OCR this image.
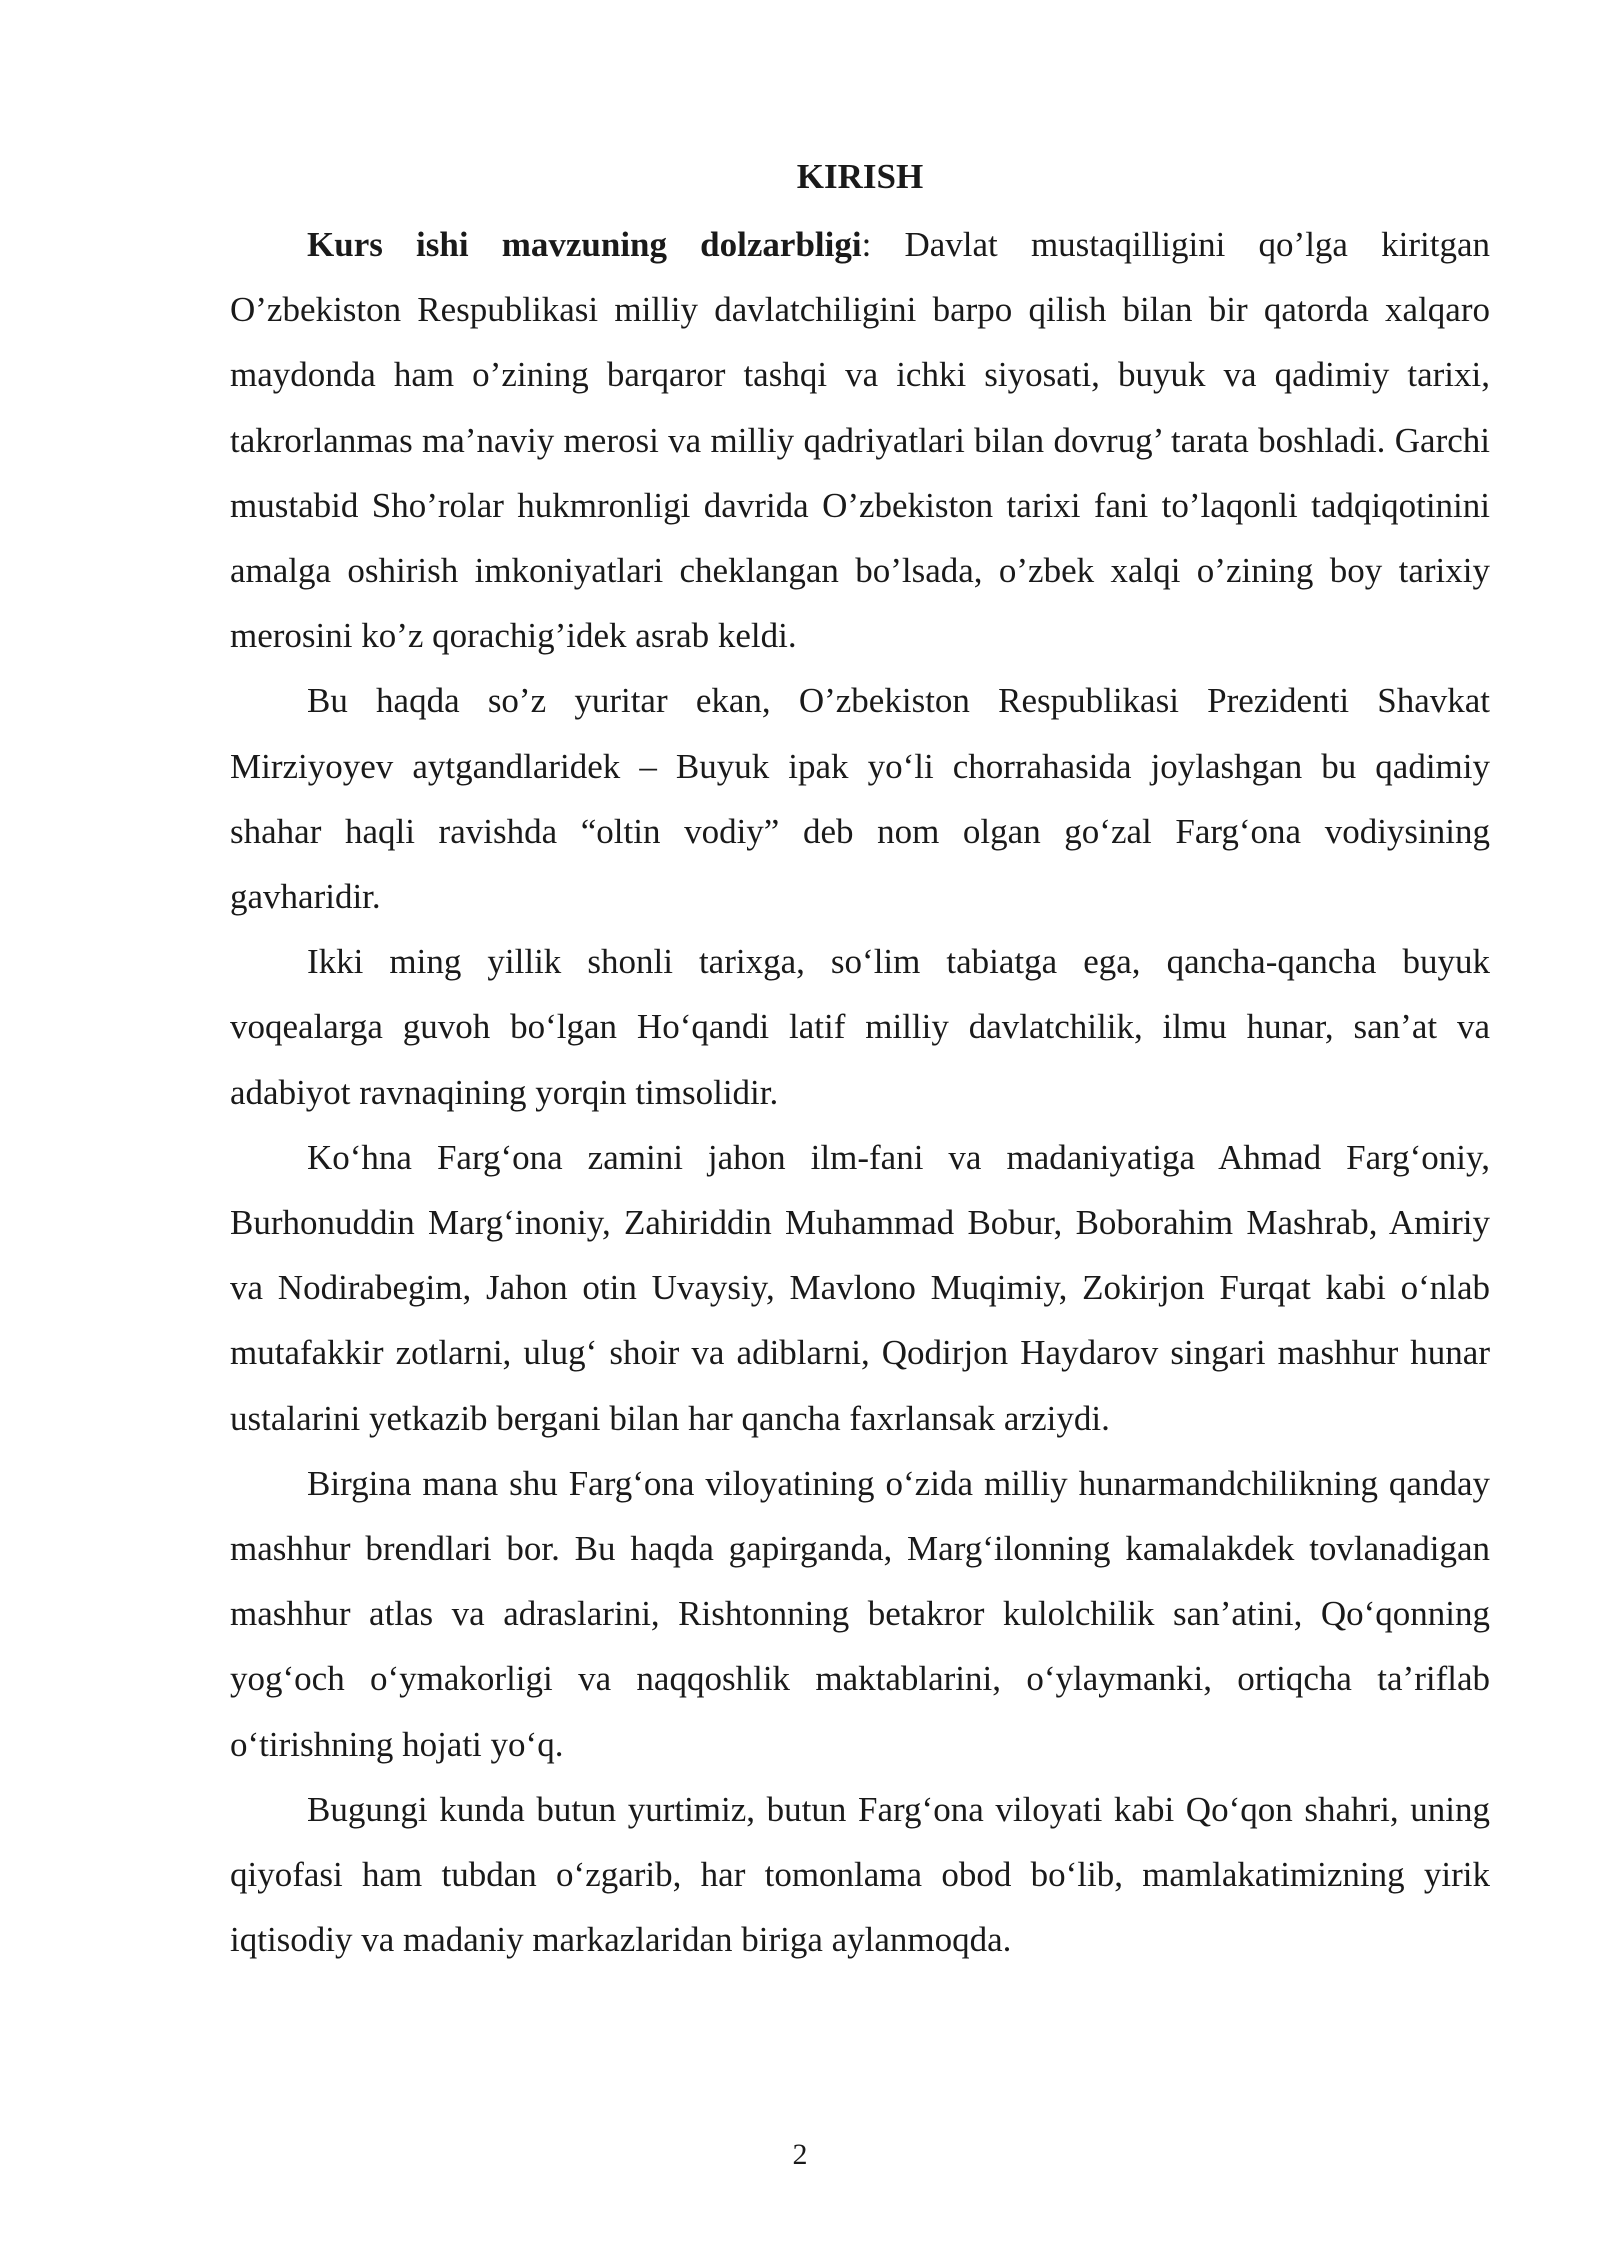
KIRISH

Kurs ishi mavzuning dolzarbligi: Davlat mustaqilligini qo’lga kiritgan O’zbekiston Respublikasi milliy davlatchiligini barpo qilish bilan bir qatorda xalqaro maydonda ham o’zining barqaror tashqi va ichki siyosati, buyuk va qadimiy tarixi, takrorlanmas ma’naviy merosi va milliy qadriyatlari bilan dovrug’ tarata boshladi. Garchi mustabid Sho’rolar hukmronligi davrida O’zbekiston tarixi fani to’laqonli tadqiqotinini amalga oshirish imkoniyatlari cheklangan bo’lsada, o’zbek xalqi o’zining boy tarixiy merosini ko’z qorachig’idek asrab keldi.

Bu haqda so’z yuritar ekan, O’zbekiston Respublikasi Prezidenti Shavkat Mirziyoyev aytgandlaridek – Buyuk ipak yo‘li chorrahasida joylashgan bu qadimiy shahar haqli ravishda “oltin vodiy” deb nom olgan go‘zal Farg‘ona vodiysining gavharidir.

Ikki ming yillik shonli tarixga, so‘lim tabiatga ega, qancha-qancha buyuk voqealarga guvoh bo‘lgan Ho‘qandi latif milliy davlatchilik, ilmu hunar, san’at va adabiyot ravnaqining yorqin timsolidir.

Ko‘hna Farg‘ona zamini jahon ilm-fani va madaniyatiga Ahmad Farg‘oniy, Burhonuddin Marg‘inoniy, Zahiriddin Muhammad Bobur, Boborahim Mashrab, Amiriy va Nodirabegim, Jahon otin Uvaysiy, Mavlono Muqimiy, Zokirjon Furqat kabi o‘nlab mutafakkir zotlarni, ulug‘ shoir va adiblarni, Qodirjon Haydarov singari mashhur hunar ustalarini yetkazib bergani bilan har qancha faxrlansak arziydi.

Birgina mana shu Farg‘ona viloyatining o‘zida milliy hunarmandchilikning qanday mashhur brendlari bor. Bu haqda gapirganda, Marg‘ilonning kamalakdek tovlanadigan mashhur atlas va adraslarini, Rishtonning betakror kulolchilik san’atini, Qo‘qonning yog‘och o‘ymakorligi va naqqoshlik maktablarini, o‘ylaymanki, ortiqcha ta’riflab o‘tirishning hojati yo‘q.

Bugungi kunda butun yurtimiz, butun Farg‘ona viloyati kabi Qo‘qon shahri, uning qiyofasi ham tubdan o‘zgarib, har tomonlama obod bo‘lib, mamlakatimizning yirik iqtisodiy va madaniy markazlaridan biriga aylanmoqda.

2
